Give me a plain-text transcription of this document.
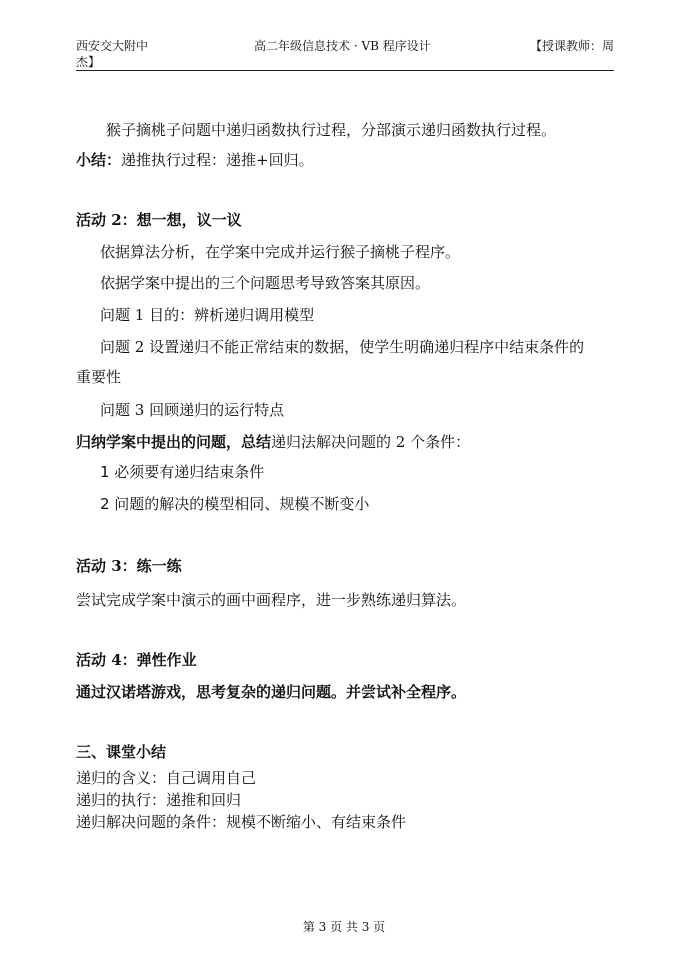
西安交大附中
杰】
高二年级信息技术 · VB 程序设计	【授课教师：周
猴子摘桃子问题中递归函数执行过程，分部演示递归函数执行过程。
小结：递推执行过程：递推+回归。
活动 2：想一想，议一议
依据算法分析，在学案中完成并运行猴子摘桃子程序。
依据学案中提出的三个问题思考导致答案其原因。
问题 1 目的：辨析递归调用模型
问题 2 设置递归不能正常结束的数据，使学生明确递归程序中结束条件的
重要性
问题 3 回顾递归的运行特点
归纳学案中提出的问题，总结递归法解决问题的 2 个条件：
1 必须要有递归结束条件
2 问题的解决的模型相同、规模不断变小
活动 3：练一练
尝试完成学案中演示的画中画程序，进一步熟练递归算法。
活动 4：弹性作业
通过汉诺塔游戏，思考复杂的递归问题。并尝试补全程序。
三、课堂小结
递归的含义：自己调用自己
递归的执行：递推和回归
递归解决问题的条件：规模不断缩小、有结束条件
第 3 页 共 3 页
